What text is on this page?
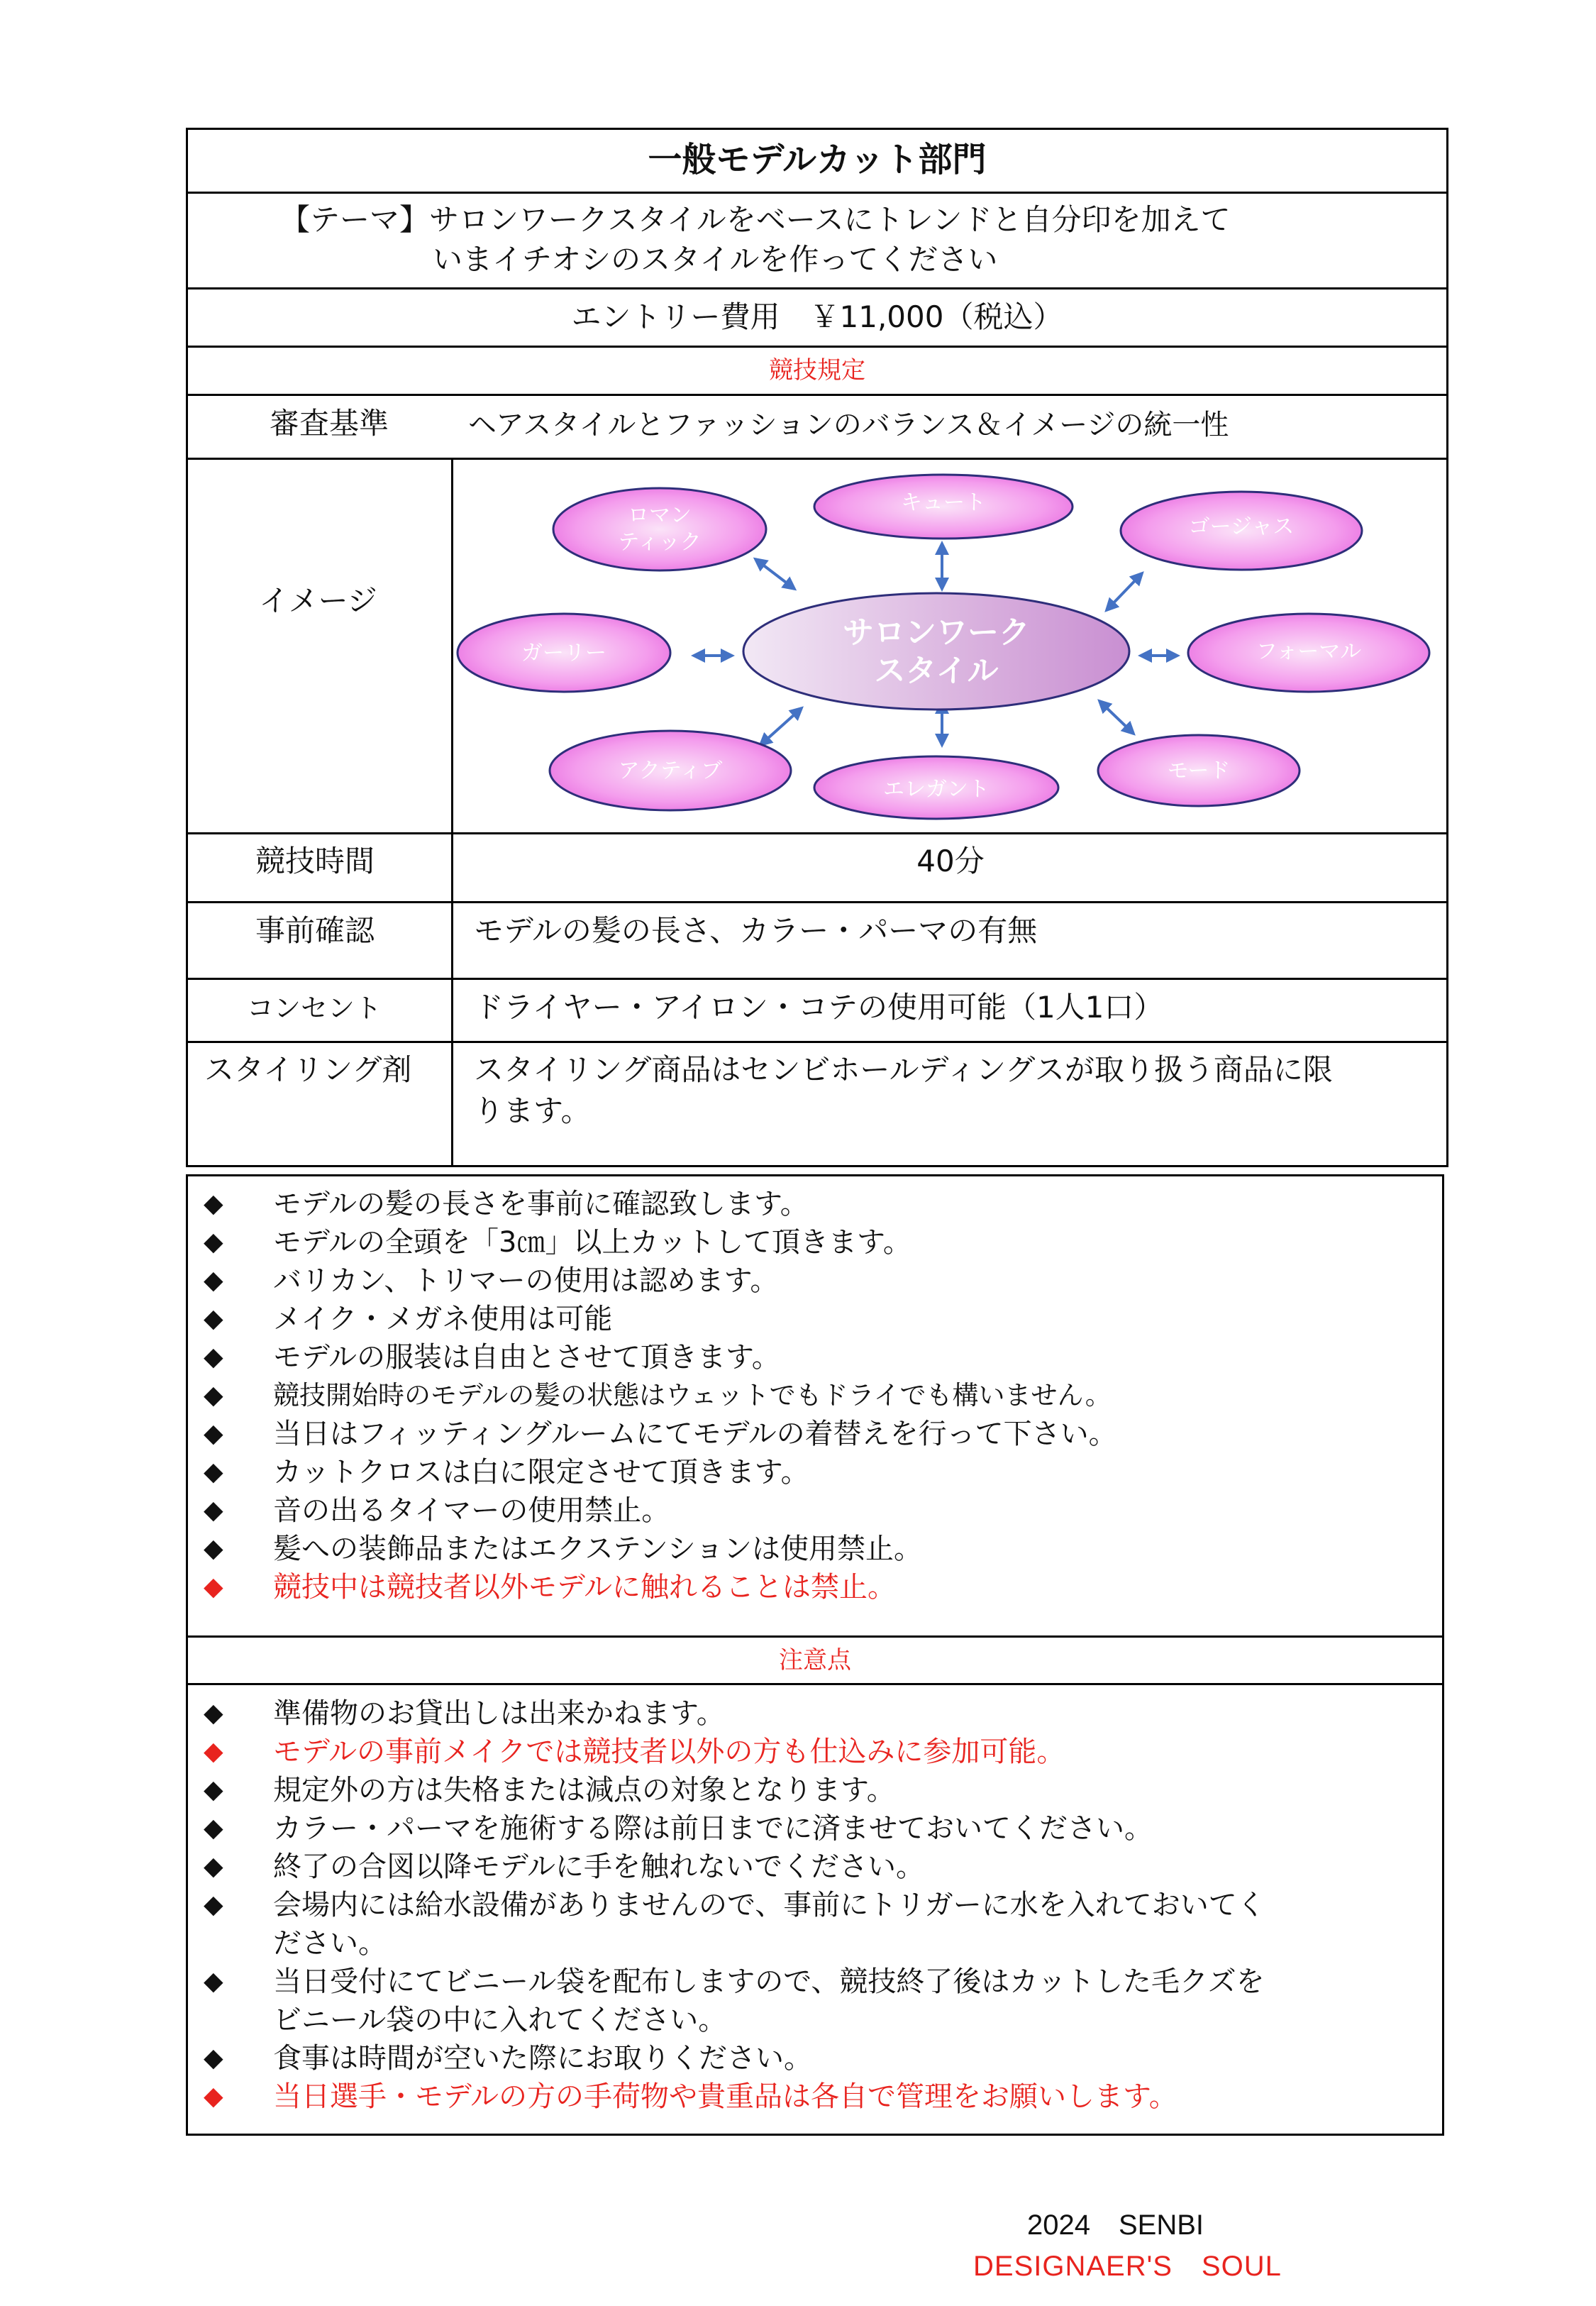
一般モデルカット部門
【テーマ】サロンワークスタイルをベースにトレンドと自分印を加えて
いまイチオシのスタイルを作ってください
エントリー費用　￥11,000（税込）
競技規定
審査基準	ヘアスタイルとファッションのバランス＆イメージの統一性
イメージ
ロマン
ティック
キュート
ゴージャス
ガーリー	フォーマル
アクティブ
エレガント
モード
サロンワーク
スタイル
競技時間	40分
事前確認	モデルの髪の長さ、カラー・パーマの有無
コンセント	ドライヤー・アイロン・コテの使用可能（1人1口）
スタイリング剤 スタイリング商品はセンビホールディングスが取り扱う商品に限
ります。
◆ モデルの髪の長さを事前に確認致します。
◆ モデルの全頭を「3㎝」以上カットして頂きます。
◆ バリカン、トリマーの使用は認めます。
◆ メイク・メガネ使用は可能
◆ モデルの服装は自由とさせて頂きます。
◆ 競技開始時のモデルの髪の状態はウェットでもドライでも構いません。
◆ 当日はフィッティングルームにてモデルの着替えを行って下さい。
◆ カットクロスは白に限定させて頂きます。
◆ 音の出るタイマーの使用禁止。
◆ 髪への装飾品またはエクステンションは使用禁止。
◆ 競技中は競技者以外モデルに触れることは禁止。
注意点
◆ 準備物のお貸出しは出来かねます。
◆ モデルの事前メイクでは競技者以外の方も仕込みに参加可能。
◆ 規定外の方は失格または減点の対象となります。
◆ カラー・パーマを施術する際は前日までに済ませておいてください。
◆ 終了の合図以降モデルに手を触れないでください。
◆ 会場内には給水設備がありませんので、事前にトリガーに水を入れておいてく
ださい。
◆ 当日受付にてビニール袋を配布しますので、競技終了後はカットした毛クズを
ビニール袋の中に入れてください。
◆ 食事は時間が空いた際にお取りください。
◆ 当日選手・モデルの方の手荷物や貴重品は各自で管理をお願いします。
2024　SENBI
DESIGNAER'S　SOUL
